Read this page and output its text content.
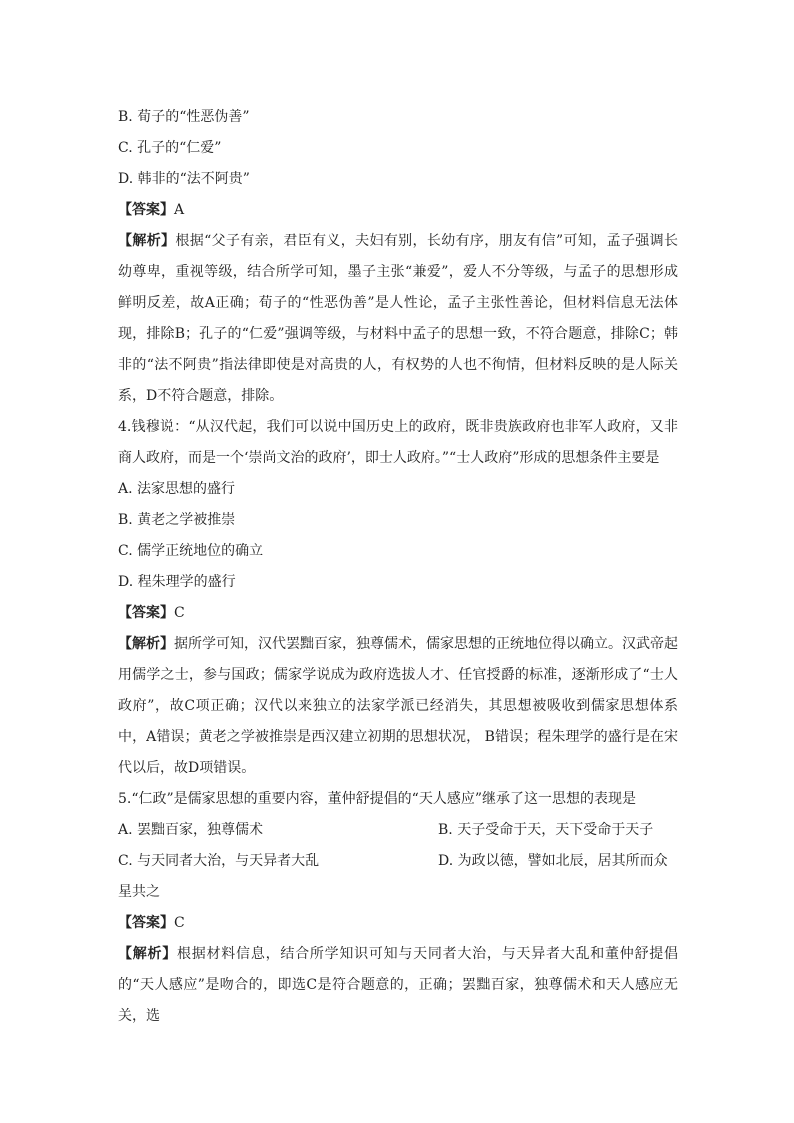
B. 荀子的“性恶伪善”
C. 孔子的“仁爱”
D. 韩非的“法不阿贵”
【答案】A
【解析】根据“父子有亲，君臣有义，夫妇有别，长幼有序，朋友有信”可知，孟子强调长幼尊卑，重视等级，结合所学可知，墨子主张“兼爱”，爱人不分等级，与孟子的思想形成鲜明反差，故A正确；荀子的“性恶伪善”是人性论，孟子主张性善论，但材料信息无法体现，排除B；孔子的“仁爱”强调等级，与材料中孟子的思想一致，不符合题意，排除C；韩非的“法不阿贵”指法律即使是对高贵的人，有权势的人也不徇情，但材料反映的是人际关系，D不符合题意，排除。
4.钱穆说：“从汉代起，我们可以说中国历史上的政府，既非贵族政府也非军人政府，又非商人政府，而是一个‘崇尚文治的政府’，即士人政府。”“士人政府”形成的思想条件主要是
A. 法家思想的盛行
B. 黄老之学被推崇
C. 儒学正统地位的确立
D. 程朱理学的盛行
【答案】C
【解析】据所学可知，汉代罢黜百家，独尊儒术，儒家思想的正统地位得以确立。汉武帝起用儒学之士，参与国政；儒家学说成为政府选拔人才、任官授爵的标准，逐渐形成了“士人政府”，故C项正确；汉代以来独立的法家学派已经消失，其思想被吸收到儒家思想体系中，A错误；黄老之学被推崇是西汉建立初期的思想状况， B错误；程朱理学的盛行是在宋代以后，故D项错误。
5.“仁政”是儒家思想的重要内容，董仲舒提倡的“天人感应”继承了这一思想的表现是
A. 罢黜百家，独尊儒术	B. 天子受命于天，天下受命于天子
C. 与天同者大治，与天异者大乱	D. 为政以德，譬如北辰，居其所而众
星共之
【答案】C
【解析】根据材料信息，结合所学知识可知与天同者大治，与天异者大乱和董仲舒提倡的“天人感应”是吻合的，即选C是符合题意的，正确；罢黜百家，独尊儒术和天人感应无关，选
